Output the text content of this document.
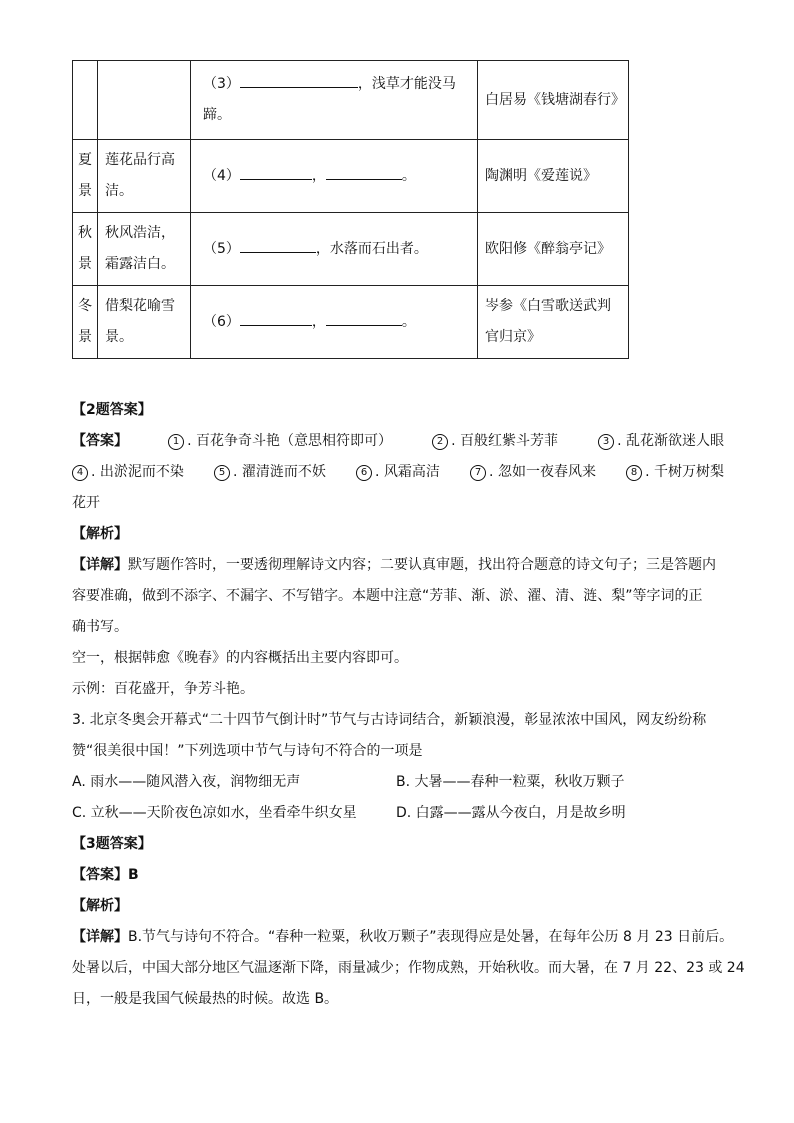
		（3） ，浅草才能没马蹄。	白居易《钱塘湖春行》
夏景	莲花品行高洁。	（4） ， 。	陶渊明《爱莲说》
秋景	秋风浩洁，霜露洁白。	（5） ，水落而石出者。	欧阳修《醉翁亭记》
冬景	借梨花喻雪景。	（6） ， 。	岑参《白雪歌送武判官归京》
【2题答案】
【答案】	1 . 百花争奇斗艳（意思相符即可）	2 . 百般红紫斗芳菲	3 . 乱花渐欲迷人眼
4 . 出淤泥而不染	5 . 濯清涟而不妖	6 . 风霜高洁	7 . 忽如一夜春风来	8 . 千树万树梨
花开
【解析】
【详解】默写题作答时，一要透彻理解诗文内容；二要认真审题，找出符合题意的诗文句子；三是答题内
容要准确，做到不添字、不漏字、不写错字。本题中注意“芳菲、渐、淤、濯、清、涟、梨”等字词的正
确书写。
空一，根据韩愈《晚春》的内容概括出主要内容即可。
示例：百花盛开，争芳斗艳。
3. 北京冬奥会开幕式“二十四节气倒计时”节气与古诗词结合，新颖浪漫，彰显浓浓中国风，网友纷纷称
赞“很美很中国！”下列选项中节气与诗句不符合的一项是
A. 雨水——随风潜入夜，润物细无声	B. 大暑——春种一粒粟，秋收万颗子
C. 立秋——天阶夜色凉如水，坐看牵牛织女星	D. 白露——露从今夜白，月是故乡明
【3题答案】
【答案】B
【解析】
【详解】B.节气与诗句不符合。“春种一粒粟，秋收万颗子”表现得应是处暑，在每年公历 8 月 23 日前后。
处暑以后，中国大部分地区气温逐渐下降，雨量减少；作物成熟，开始秋收。而大暑，在 7 月 22、23 或 24
日，一般是我国气候最热的时候。故选 B。
